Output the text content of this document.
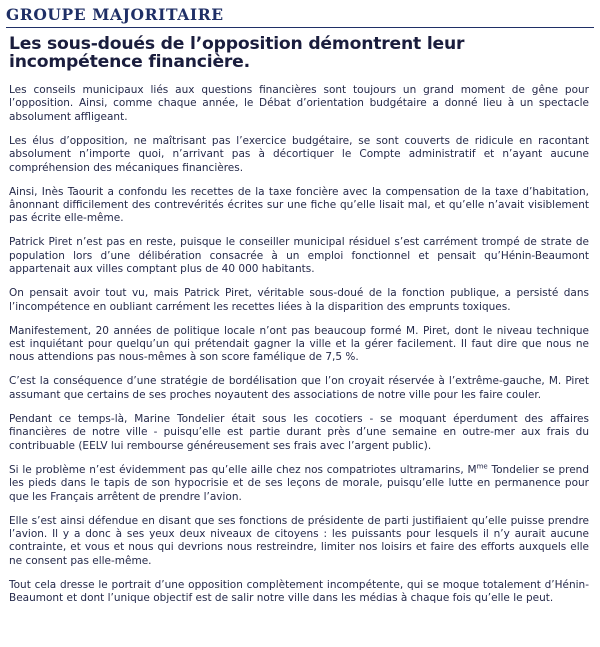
GROUPE MAJORITAIRE
Les sous-doués de l’opposition démontrent leur incompétence financière.

Les conseils municipaux liés aux questions financières sont toujours un grand moment de gêne pour l’opposition. Ainsi, comme chaque année, le Débat d’orientation budgétaire a donné lieu à un spectacle absolument affligeant.

Les élus d’opposition, ne maîtrisant pas l’exercice budgétaire, se sont couverts de ridicule en racontant absolument n’importe quoi, n’arrivant pas à décortiquer le Compte administratif et n’ayant aucune compréhension des mécaniques financières.

Ainsi, Inès Taourit a confondu les recettes de la taxe foncière avec la compensation de la taxe d’habitation, ânonnant difficilement des contrevérités écrites sur une fiche qu’elle lisait mal, et qu’elle n’avait visiblement pas écrite elle-même.

Patrick Piret n’est pas en reste, puisque le conseiller municipal résiduel s’est carrément trompé de strate de population lors d’une délibération consacrée à un emploi fonctionnel et pensait qu’Hénin-Beaumont appartenait aux villes comptant plus de 40 000 habitants.

On pensait avoir tout vu, mais Patrick Piret, véritable sous-doué de la fonction publique, a persisté dans l’incompétence en oubliant carrément les recettes liées à la disparition des emprunts toxiques.

Manifestement, 20 années de politique locale n’ont pas beaucoup formé M. Piret, dont le niveau technique est inquiétant pour quelqu’un qui prétendait gagner la ville et la gérer facilement. Il faut dire que nous ne nous attendions pas nous-mêmes à son score famélique de 7,5 %.

C’est la conséquence d’une stratégie de bordélisation que l’on croyait réservée à l’extrême-gauche, M. Piret assumant que certains de ses proches noyautent des associations de notre ville pour les faire couler.

Pendant ce temps-là, Marine Tondelier était sous les cocotiers - se moquant éperdument des affaires financières de notre ville - puisqu’elle est partie durant près d’une semaine en outre-mer aux frais du contribuable (EELV lui rembourse généreusement ses frais avec l’argent public).

Si le problème n’est évidemment pas qu’elle aille chez nos compatriotes ultramarins, $M^{me}$ Tondelier se prend les pieds dans le tapis de son hypocrisie et de ses leçons de morale, puisqu’elle lutte en permanence pour que les Français arrêtent de prendre l’avion.

Elle s’est ainsi défendue en disant que ses fonctions de présidente de parti justifiaient qu’elle puisse prendre l’avion. Il y a donc à ses yeux deux niveaux de citoyens : les puissants pour lesquels il n’y aurait aucune contrainte, et vous et nous qui devrions nous restreindre, limiter nos loisirs et faire des efforts auxquels elle ne consent pas elle-même.

Tout cela dresse le portrait d’une opposition complètement incompétente, qui se moque totalement d’Hénin-Beaumont et dont l’unique objectif est de salir notre ville dans les médias à chaque fois qu’elle le peut.
